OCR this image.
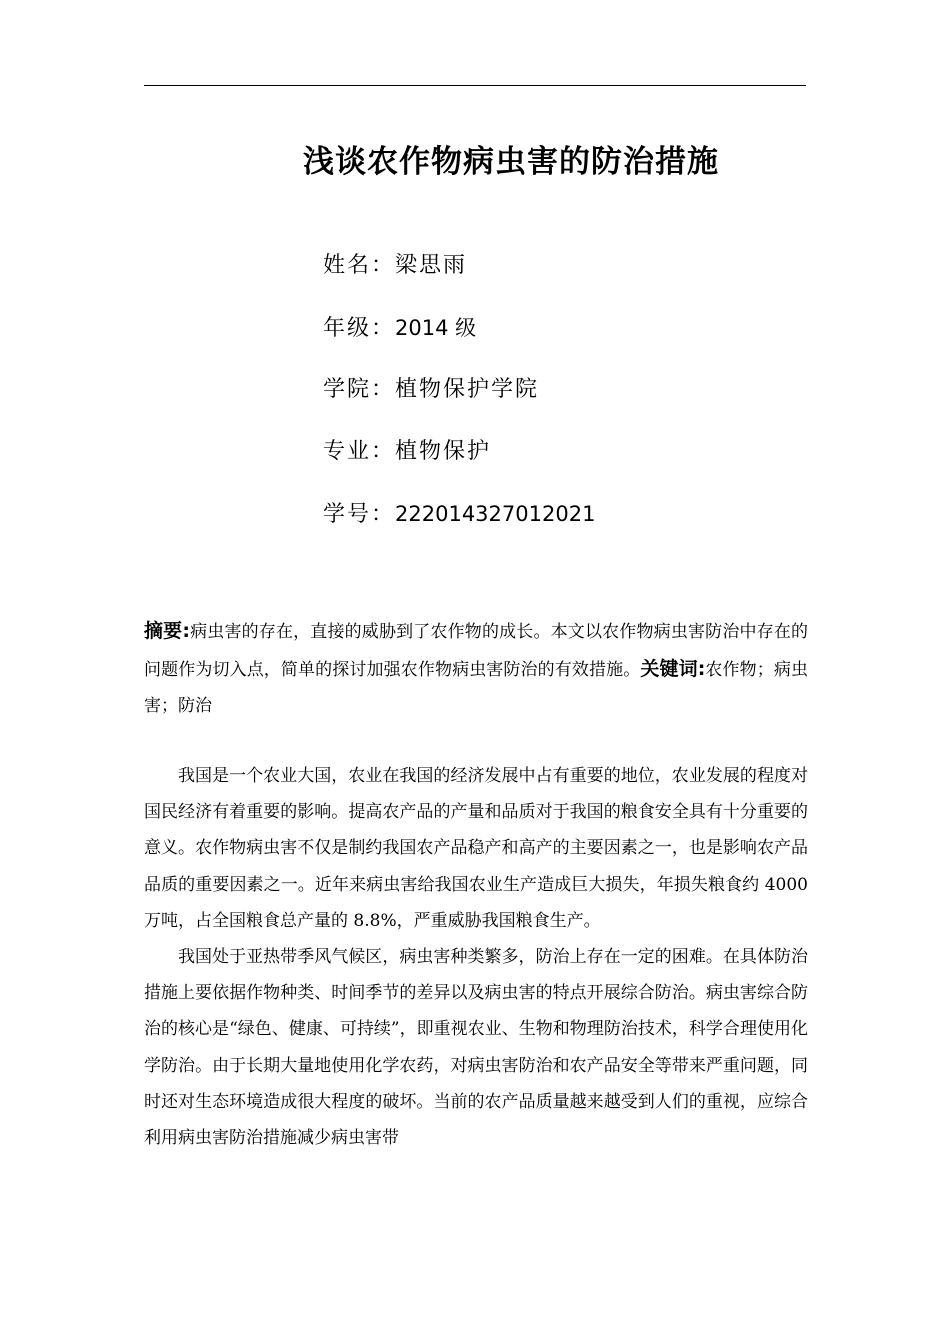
浅谈农作物病虫害的防治措施
姓名：梁思雨
年级：2014 级
学院：植物保护学院
专业：植物保护
学号：222014327012021
摘要:病虫害的存在，直接的威胁到了农作物的成长。本文以农作物病虫害防治中存在的问题作为切入点，简单的探讨加强农作物病虫害防治的有效措施。关键词:农作物；病虫害；防治

我国是一个农业大国，农业在我国的经济发展中占有重要的地位，农业发展的程度对国民经济有着重要的影响。提高农产品的产量和品质对于我国的粮食安全具有十分重要的意义。农作物病虫害不仅是制约我国农产品稳产和高产的主要因素之一，也是影响农产品品质的重要因素之一。近年来病虫害给我国农业生产造成巨大损失，年损失粮食约 4000 万吨，占全国粮食总产量的 8.8%，严重威胁我国粮食生产。

我国处于亚热带季风气候区，病虫害种类繁多，防治上存在一定的困难。在具体防治措施上要依据作物种类、时间季节的差异以及病虫害的特点开展综合防治。病虫害综合防治的核心是“绿色、健康、可持续”，即重视农业、生物和物理防治技术，科学合理使用化学防治。由于长期大量地使用化学农药，对病虫害防治和农产品安全等带来严重问题，同时还对生态环境造成很大程度的破坏。当前的农产品质量越来越受到人们的重视，应综合利用病虫害防治措施减少病虫害带
